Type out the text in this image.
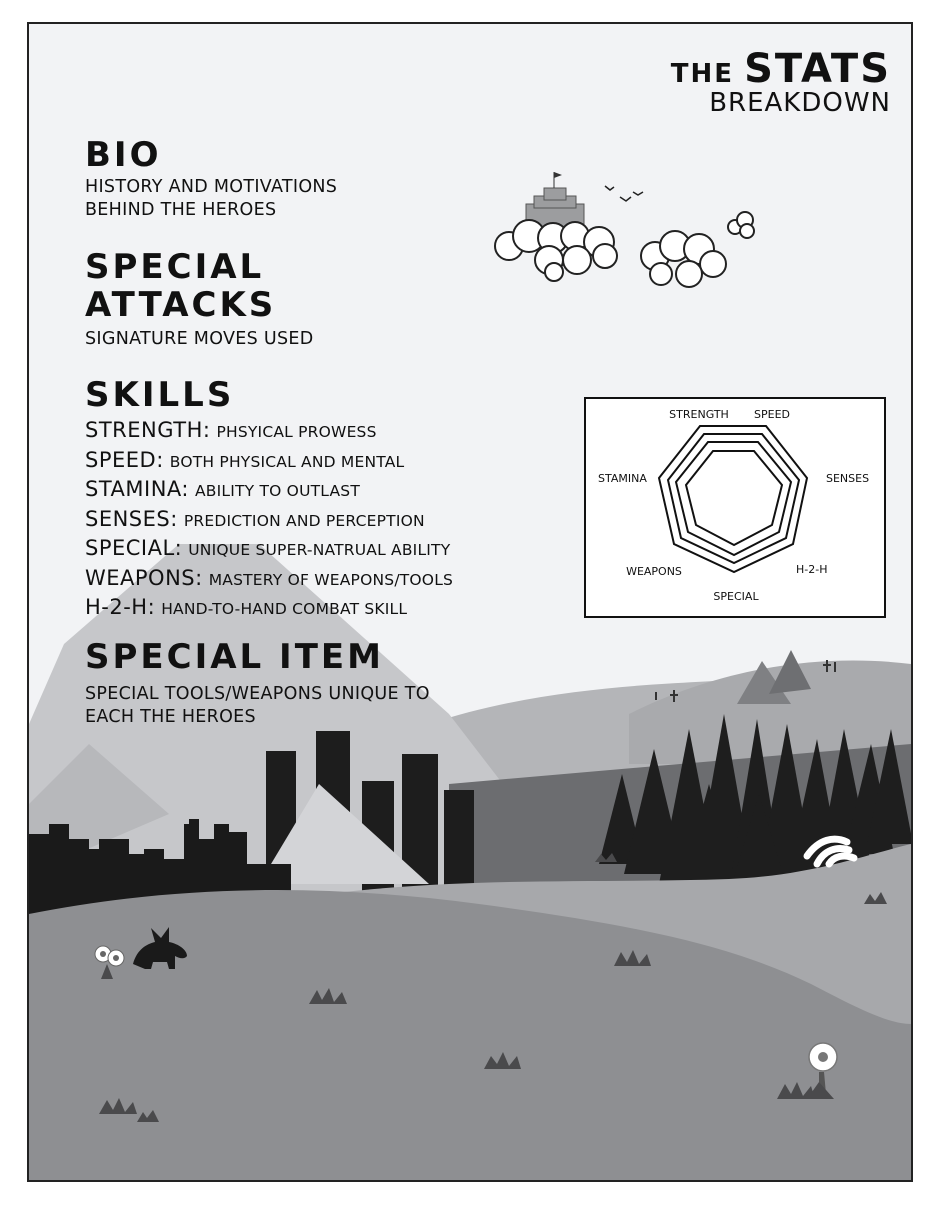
THE STATS
BREAKDOWN
BIO
HISTORY AND MOTIVATIONS
BEHIND THE HEROES
SPECIAL
ATTACKS
SIGNATURE MOVES USED
SKILLS
STRENGTH: PHSYICAL PROWESS
SPEED: BOTH PHYSICAL AND MENTAL
STAMINA: ABILITY TO OUTLAST
SENSES: PREDICTION AND PERCEPTION
SPECIAL: UNIQUE SUPER-NATRUAL ABILITY
WEAPONS: MASTERY OF WEAPONS/TOOLS
H-2-H: HAND-TO-HAND COMBAT SKILL
SPECIAL ITEM
SPECIAL TOOLS/WEAPONS UNIQUE TO
EACH THE HEROES
STRENGTH SPEED
SENSES
H-2-H
SPECIAL
WEAPONS
STAMINA
